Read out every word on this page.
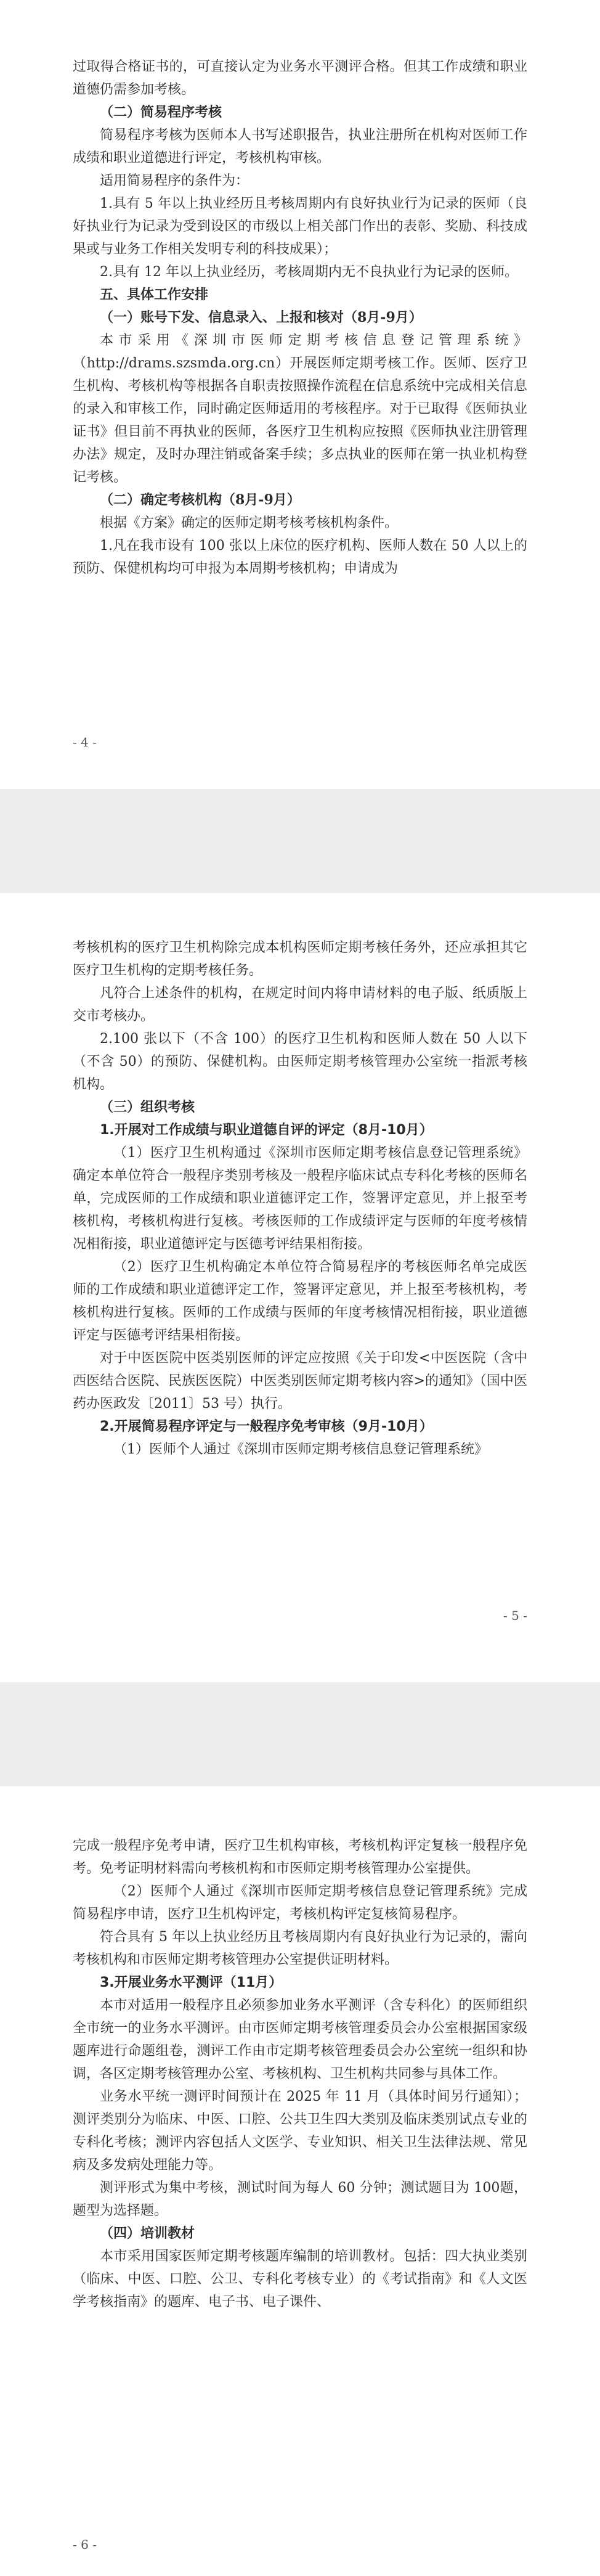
过取得合格证书的，可直接认定为业务水平测评合格。但其工作成绩和职业道德仍需参加考核。

（二）简易程序考核

简易程序考核为医师本人书写述职报告，执业注册所在机构对医师工作成绩和职业道德进行评定，考核机构审核。

适用简易程序的条件为：

1.具有 5 年以上执业经历且考核周期内有良好执业行为记录的医师（良好执业行为记录为受到设区的市级以上相关部门作出的表彰、奖励、科技成果或与业务工作相关发明专利的科技成果）；

2.具有 12 年以上执业经历，考核周期内无不良执业行为记录的医师。

五、具体工作安排

（一）账号下发、信息录入、上报和核对（8月-9月）

本市采用《深圳市医师定期考核信息登记管理系统》（http://drams.szsmda.org.cn）开展医师定期考核工作。医师、医疗卫生机构、考核机构等根据各自职责按照操作流程在信息系统中完成相关信息的录入和审核工作，同时确定医师适用的考核程序。对于已取得《医师执业证书》但目前不再执业的医师，各医疗卫生机构应按照《医师执业注册管理办法》规定，及时办理注销或备案手续；多点执业的医师在第一执业机构登记考核。

（二）确定考核机构（8月-9月）

根据《方案》确定的医师定期考核考核机构条件。

1.凡在我市设有 100 张以上床位的医疗机构、医师人数在 50 人以上的预防、保健机构均可申报为本周期考核机构；申请成为

- 4 -

考核机构的医疗卫生机构除完成本机构医师定期考核任务外，还应承担其它医疗卫生机构的定期考核任务。

凡符合上述条件的机构，在规定时间内将申请材料的电子版、纸质版上交市考核办。

2.100 张以下（不含 100）的医疗卫生机构和医师人数在 50 人以下（不含 50）的预防、保健机构。由医师定期考核管理办公室统一指派考核机构。

（三）组织考核

1.开展对工作成绩与职业道德自评的评定（8月-10月）

（1）医疗卫生机构通过《深圳市医师定期考核信息登记管理系统》确定本单位符合一般程序类别考核及一般程序临床试点专科化考核的医师名单，完成医师的工作成绩和职业道德评定工作，签署评定意见，并上报至考核机构，考核机构进行复核。考核医师的工作成绩评定与医师的年度考核情况相衔接，职业道德评定与医德考评结果相衔接。

（2）医疗卫生机构确定本单位符合简易程序的考核医师名单完成医师的工作成绩和职业道德评定工作，签署评定意见，并上报至考核机构，考核机构进行复核。医师的工作成绩与医师的年度考核情况相衔接，职业道德评定与医德考评结果相衔接。

对于中医医院中医类别医师的评定应按照《关于印发<中医医院（含中西医结合医院、民族医医院）中医类别医师定期考核内容>的通知》（国中医药办医政发〔2011〕53 号）执行。

2.开展简易程序评定与一般程序免考审核（9月-10月）

（1）医师个人通过《深圳市医师定期考核信息登记管理系统》

- 5 -

完成一般程序免考申请，医疗卫生机构审核，考核机构评定复核一般程序免考。免考证明材料需向考核机构和市医师定期考核管理办公室提供。

（2）医师个人通过《深圳市医师定期考核信息登记管理系统》完成简易程序申请，医疗卫生机构评定，考核机构评定复核简易程序。

符合具有 5 年以上执业经历且考核周期内有良好执业行为记录的，需向考核机构和市医师定期考核管理办公室提供证明材料。

3.开展业务水平测评（11月）

本市对适用一般程序且必须参加业务水平测评（含专科化）的医师组织全市统一的业务水平测评。由市医师定期考核管理委员会办公室根据国家级题库进行命题组卷，测评工作由市定期考核管理委员会办公室统一组织和协调，各区定期考核管理办公室、考核机构、卫生机构共同参与具体工作。

业务水平统一测评时间预计在 2025 年 11 月（具体时间另行通知）；测评类别分为临床、中医、口腔、公共卫生四大类别及临床类别试点专业的专科化考核；测评内容包括人文医学、专业知识、相关卫生法律法规、常见病及多发病处理能力等。

测评形式为集中考核，测试时间为每人 60 分钟；测试题目为 100题，题型为选择题。

（四）培训教材

本市采用国家医师定期考核题库编制的培训教材。包括：四大执业类别（临床、中医、口腔、公卫、专科化考核专业）的《考试指南》和《人文医学考核指南》的题库、电子书、电子课件、

- 6 -
